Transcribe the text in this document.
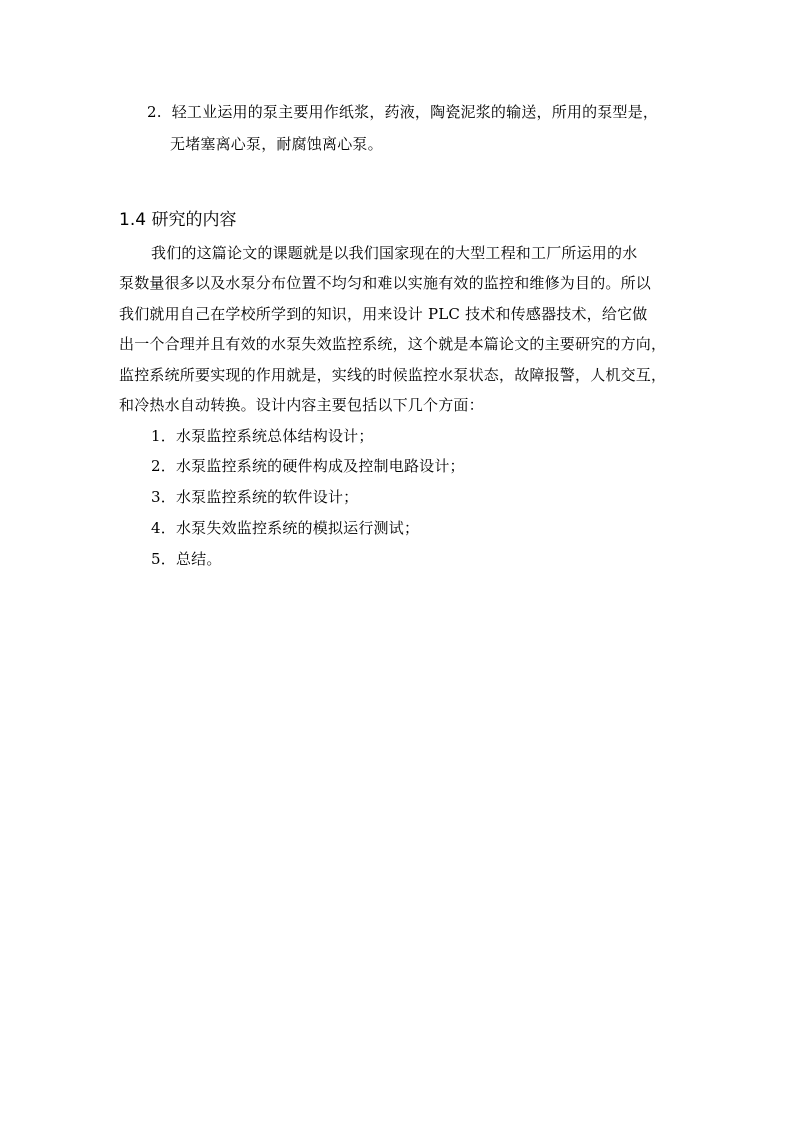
2. 轻工业运用的泵主要用作纸浆，药液，陶瓷泥浆的输送，所用的泵型是，
无堵塞离心泵，耐腐蚀离心泵。
1.4 研究的内容
我们的这篇论文的课题就是以我们国家现在的大型工程和工厂所运用的水
泵数量很多以及水泵分布位置不均匀和难以实施有效的监控和维修为目的。所以
我们就用自己在学校所学到的知识，用来设计 PLC 技术和传感器技术，给它做
出一个合理并且有效的水泵失效监控系统，这个就是本篇论文的主要研究的方向，
监控系统所要实现的作用就是，实线的时候监控水泵状态，故障报警，人机交互，
和冷热水自动转换。设计内容主要包括以下几个方面：
1．水泵监控系统总体结构设计；
2．水泵监控系统的硬件构成及控制电路设计；
3．水泵监控系统的软件设计；
4．水泵失效监控系统的模拟运行测试；
5．总结。
